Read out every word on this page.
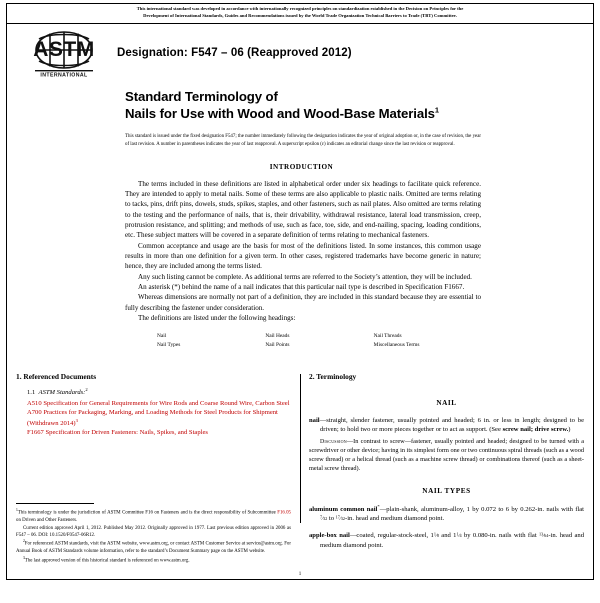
This international standard was developed in accordance with internationally recognized principles on standardization established in the Decision on Principles for the
Development of International Standards, Guides and Recommendations issued by the World Trade Organization Technical Barriers to Trade (TBT) Committee.
ASTM
INTERNATIONAL
Designation: F547 – 06 (Reapproved 2012)
Standard Terminology of
Nails for Use with Wood and Wood-Base Materials$^1$
This standard is issued under the fixed designation F547; the number immediately following the designation indicates the year of original adoption or, in the case of revision, the year of last revision. A number in parentheses indicates the year of last reapproval. A superscript epsilon (ε) indicates an editorial change since the last revision or reapproval.
INTRODUCTION

The terms included in these definitions are listed in alphabetical order under six headings to facilitate quick reference. They are intended to apply to metal nails. Some of these terms are also applicable to plastic nails. Omitted are terms relating to tacks, pins, drift pins, dowels, studs, spikes, staples, and other fasteners, such as nail plates. Also omitted are terms relating to the testing and the performance of nails, that is, their drivability, withdrawal resistance, lateral load transmission, creep, protrusion resistance, and splitting; and methods of use, such as face, toe, side, and end-nailing, spacing, loading conditions, etc. These subject matters will be covered in a separate definition of terms relating to mechanical fasteners.

Common acceptance and usage are the basis for most of the definitions listed. In some instances, this common usage results in more than one definition for a given term. In other cases, registered trademarks have become generic in nature; hence, they are included among the terms listed.

Any such listing cannot be complete. As additional terms are referred to the Society’s attention, they will be included.

An asterisk (*) behind the name of a nail indicates that this particular nail type is described in Specification F1667.

Whereas dimensions are normally not part of a definition, they are included in this standard because they are essential to fully describing the fastener under consideration.

The definitions are listed under the following headings:

Nail	Nail Heads	Nail Threads
Nail Types	Nail Points	Miscellaneous Terms
1. Referenced Documents
1.1  ASTM Standards:$^2$
A510 Specification for General Requirements for Wire Rods and Coarse Round Wire, Carbon Steel
A700 Practices for Packaging, Marking, and Loading Methods for Steel Products for Shipment (Withdrawn 2014)$^3$
F1667 Specification for Driven Fasteners: Nails, Spikes, and Staples

$^1$This terminology is under the jurisdiction of ASTM Committee F16 on Fasteners and is the direct responsibility of Subcommittee F16.05 on Driven and Other Fasteners.

Current edition approved April 1, 2012. Published May 2012. Originally approved in 1977. Last previous edition approved in 2006 as F547 – 06. DOI: 10.1520/F0547-06R12.

$^2$For referenced ASTM standards, visit the ASTM website, www.astm.org, or contact ASTM Customer Service at service@astm.org. For Annual Book of ASTM Standards volume information, refer to the standard’s Document Summary page on the ASTM website.

$^3$The last approved version of this historical standard is referenced on www.astm.org.

2. Terminology
NAIL
nail—straight, slender fastener, usually pointed and headed; 6 in. or less in length; designed to be driven; to hold two or more pieces together or to act as support. (See screw nail; drive screw.)
Discussion—In contrast to screw—fastener, usually pointed and headed; designed to be turned with a screwdriver or other device; having in its simplest form one or two continuous spiral threads (such as a wood screw thread) or a helical thread (such as a machine screw thread) or combinations thereof (such as a sheet-metal screw thread).
NAIL TYPES
aluminum common nail*—plain-shank, aluminum-alloy, 1 by 0.072 to 6 by 0.262-in. nails with flat $^7⁄_{32}$ to $^{17}⁄_{32}-in$. head and medium diamond point.
apple-box nail—coated, regular-stock-steel, $1^1⁄_8$ and $1^1⁄_4$ by 0.080-in. nails with flat $^{13}⁄_{64}-in$. head and medium diamond point.
1
